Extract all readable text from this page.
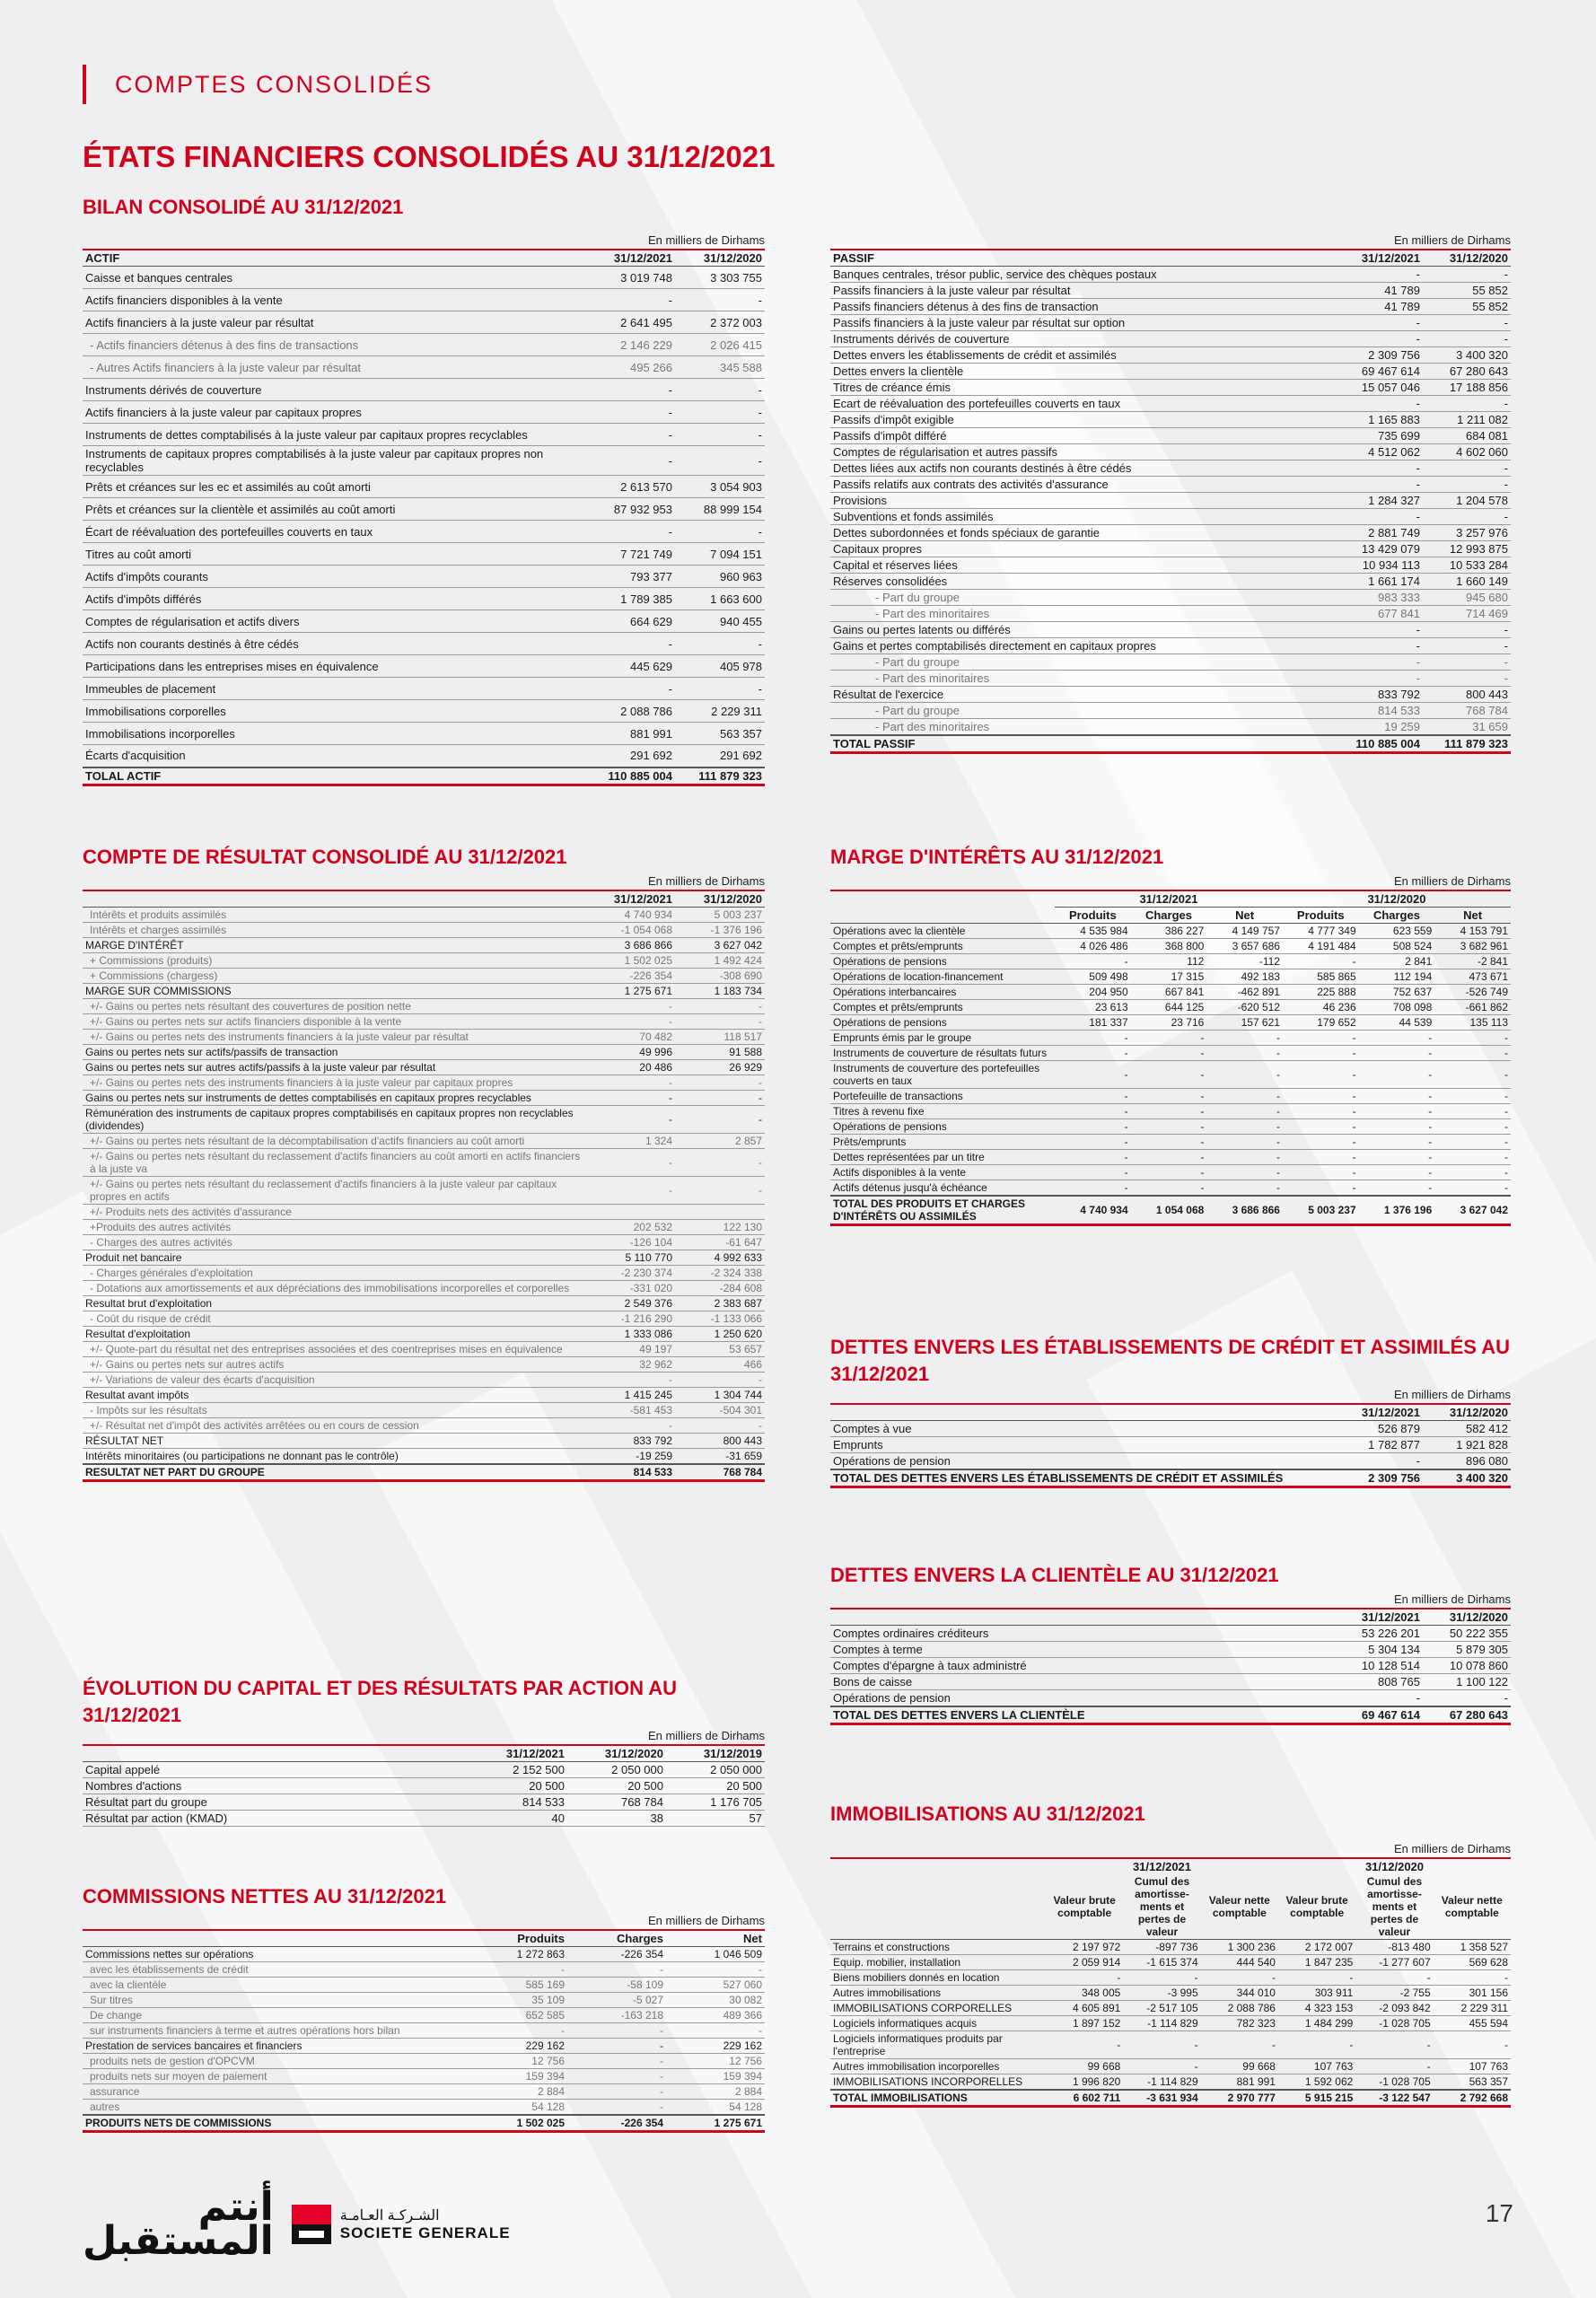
COMPTES CONSOLIDÉS
ÉTATS FINANCIERS CONSOLIDÉS AU 31/12/2021
BILAN CONSOLIDÉ AU 31/12/2021
En milliers de Dirhams
ACTIF	31/12/2021	31/12/2020
Caisse et banques centrales	3 019 748	3 303 755
Actifs financiers disponibles à la vente	-	-
Actifs financiers à la juste valeur par résultat	2 641 495	2 372 003
- Actifs financiers détenus à des fins de transactions	2 146 229	2 026 415
- Autres Actifs financiers à la juste valeur par résultat	495 266	345 588
Instruments dérivés de couverture	-	-
Actifs financiers à la juste valeur par capitaux propres	-	-
Instruments de dettes comptabilisés à la juste valeur par capitaux propres recyclables	-	-
Instruments de capitaux propres comptabilisés à la juste valeur par capitaux propres non recyclables	-	-
Prêts et créances sur les ec et assimilés au coût amorti	2 613 570	3 054 903
Prêts et créances sur la clientèle et assimilés au coût amorti	87 932 953	88 999 154
Écart de réévaluation des portefeuilles couverts en taux	-	-
Titres au coût amorti	7 721 749	7 094 151
Actifs d'impôts courants	793 377	960 963
Actifs d'impôts différés	1 789 385	1 663 600
Comptes de régularisation et actifs divers	664 629	940 455
Actifs non courants destinés à être cédés	-	-
Participations dans les entreprises mises en équivalence	445 629	405 978
Immeubles de placement	-	-
Immobilisations corporelles	2 088 786	2 229 311
Immobilisations incorporelles	881 991	563 357
Écarts d'acquisition	291 692	291 692
TOLAL ACTIF	110 885 004	111 879 323
En milliers de Dirhams
PASSIF	31/12/2021	31/12/2020
Banques centrales, trésor public, service des chèques postaux	-	-
Passifs financiers à la juste valeur par résultat	41 789	55 852
Passifs financiers détenus à des fins de transaction	41 789	55 852
Passifs financiers à la juste valeur par résultat sur option	-	-
Instruments dérivés de couverture	-	-
Dettes envers les établissements de crédit et assimilés	2 309 756	3 400 320
Dettes envers la clientèle	69 467 614	67 280 643
Titres de créance émis	15 057 046	17 188 856
Ecart de réévaluation des portefeuilles couverts en taux	-	-
Passifs d'impôt exigible	1 165 883	1 211 082
Passifs d'impôt différé	735 699	684 081
Comptes de régularisation et autres passifs	4 512 062	4 602 060
Dettes liées aux actifs non courants destinés à être cédés	-	-
Passifs relatifs aux contrats des activités d'assurance	-	-
Provisions	1 284 327	1 204 578
Subventions et fonds assimilés	-	-
Dettes subordonnées et fonds spéciaux de garantie	2 881 749	3 257 976
Capitaux propres	13 429 079	12 993 875
Capital et réserves liées	10 934 113	10 533 284
Réserves consolidées	1 661 174	1 660 149
- Part du groupe	983 333	945 680
- Part des minoritaires	677 841	714 469
Gains ou pertes latents ou différés	-	-
Gains et pertes comptabilisés directement en capitaux propres	-	-
- Part du groupe	-	-
- Part des minoritaires	-	-
Résultat de l'exercice	833 792	800 443
- Part du groupe	814 533	768 784
- Part des minoritaires	19 259	31 659
TOTAL PASSIF	110 885 004	111 879 323
COMPTE DE RÉSULTAT CONSOLIDÉ AU 31/12/2021
En milliers de Dirhams
	31/12/2021	31/12/2020
Intérêts et produits assimilés	4 740 934	5 003 237
Intérêts et charges assimilés	-1 054 068	-1 376 196
MARGE D'INTÉRÊT	3 686 866	3 627 042
+ Commissions (produits)	1 502 025	1 492 424
+ Commissions (chargess)	-226 354	-308 690
MARGE SUR COMMISSIONS	1 275 671	1 183 734
+/- Gains ou pertes nets résultant des couvertures de position nette	-	-
+/- Gains ou pertes nets sur actifs financiers disponible à la vente	-	-
+/- Gains ou pertes nets des instruments financiers à la juste valeur par résultat	70 482	118 517
Gains ou pertes nets sur actifs/passifs de transaction	49 996	91 588
Gains ou pertes nets sur autres actifs/passifs à la juste valeur par résultat	20 486	26 929
+/- Gains ou pertes nets des instruments financiers à la juste valeur par capitaux propres	-	-
Gains ou pertes nets sur instruments de dettes comptabilisés en capitaux propres recyclables	-	-
Rémunération des instruments de capitaux propres comptabilisés en capitaux propres non recyclables (dividendes)	-	-
+/- Gains ou pertes nets résultant de la décomptabilisation d'actifs financiers au coût amorti	1 324	2 857
+/- Gains ou pertes nets résultant du reclassement d'actifs financiers au coût amorti en actifs financiers à la juste va	-	-
+/- Gains ou pertes nets résultant du reclassement d'actifs financiers à la juste valeur par capitaux propres en actifs	-	-
+/- Produits nets des activités d'assurance		
+Produits des autres activités	202 532	122 130
- Charges des autres activités	-126 104	-61 647
Produit net bancaire	5 110 770	4 992 633
- Charges générales d'exploitation	-2 230 374	-2 324 338
- Dotations aux amortissements et aux dépréciations des immobilisations incorporelles et corporelles	-331 020	-284 608
Resultat brut d'exploitation	2 549 376	2 383 687
- Coût du risque de crédit	-1 216 290	-1 133 066
Resultat d'exploitation	1 333 086	1 250 620
+/- Quote-part du résultat net des entreprises associées et des coentreprises mises en équivalence	49 197	53 657
+/- Gains ou pertes nets sur autres actifs	32 962	466
+/- Variations de valeur des écarts d'acquisition	-	-
Resultat avant impôts	1 415 245	1 304 744
- Impôts sur les résultats	-581 453	-504 301
+/- Résultat net d'impôt des activités arrêtées ou en cours de cession	-	-
RÉSULTAT NET	833 792	800 443
Intérêts minoritaires (ou participations ne donnant pas le contrôle)	-19 259	-31 659
RESULTAT NET PART DU GROUPE	814 533	768 784
ÉVOLUTION DU CAPITAL ET DES RÉSULTATS PAR ACTION AU 31/12/2021
En milliers de Dirhams
	31/12/2021	31/12/2020	31/12/2019
Capital appelé	2 152 500	2 050 000	2 050 000
Nombres d'actions	20 500	20 500	20 500
Résultat part du groupe	814 533	768 784	1 176 705
Résultat par action (KMAD)	40	38	57
COMMISSIONS NETTES AU 31/12/2021
En milliers de Dirhams
	Produits	Charges	Net
Commissions nettes sur opérations	1 272 863	-226 354	1 046 509
avec les établissements de crédit	-	-	-
avec la clientèle	585 169	-58 109	527 060
Sur titres	35 109	-5 027	30 082
De change	652 585	-163 218	489 366
sur instruments financiers à terme et autres opérations hors bilan	-	-	-
Prestation de services bancaires et financiers	229 162	-	229 162
produits nets de gestion d'OPCVM	12 756	-	12 756
produits nets sur moyen de paiement	159 394	-	159 394
assurance	2 884	-	2 884
autres	54 128	-	54 128
PRODUITS NETS DE COMMISSIONS	1 502 025	-226 354	1 275 671
MARGE D'INTÉRÊTS AU 31/12/2021
En milliers de Dirhams
	31/12/2021			31/12/2020		
	Produits	Charges	Net	Produits	Charges	Net
Opérations avec la clientèle	4 535 984	386 227	4 149 757	4 777 349	623 559	4 153 791
Comptes et prêts/emprunts	4 026 486	368 800	3 657 686	4 191 484	508 524	3 682 961
Opérations de pensions	-	112	-112	-	2 841	-2 841
Opérations de location-financement	509 498	17 315	492 183	585 865	112 194	473 671
Opérations interbancaires	204 950	667 841	-462 891	225 888	752 637	-526 749
Comptes et prêts/emprunts	23 613	644 125	-620 512	46 236	708 098	-661 862
Opérations de pensions	181 337	23 716	157 621	179 652	44 539	135 113
Emprunts émis par le groupe	-	-	-	-	-	-
Instruments de couverture de résultats futurs	-	-	-	-	-	-
Instruments de couverture des portefeuilles couverts en taux	-	-	-	-	-	-
Portefeuille de transactions	-	-	-	-	-	-
Titres à revenu fixe	-	-	-	-	-	-
Opérations de pensions	-	-	-	-	-	-
Prêts/emprunts	-	-	-	-	-	-
Dettes représentées par un titre	-	-	-	-	-	-
Actifs disponibles à la vente	-	-	-	-	-	-
Actifs détenus jusqu'à échéance	-	-	-	-	-	-
TOTAL DES PRODUITS ET CHARGES D'INTÉRÊTS OU ASSIMILÉS	4 740 934	1 054 068	3 686 866	5 003 237	1 376 196	3 627 042
DETTES ENVERS LES ÉTABLISSEMENTS DE CRÉDIT ET ASSIMILÉS AU 31/12/2021
En milliers de Dirhams
	31/12/2021	31/12/2020
Comptes à vue	526 879	582 412
Emprunts	1 782 877	1 921 828
Opérations de pension	-	896 080
TOTAL DES DETTES ENVERS LES ÉTABLISSEMENTS DE CRÉDIT ET ASSIMILÉS	2 309 756	3 400 320
DETTES ENVERS LA CLIENTÈLE AU 31/12/2021
En milliers de Dirhams
	31/12/2021	31/12/2020
Comptes ordinaires créditeurs	53 226 201	50 222 355
Comptes à terme	5 304 134	5 879 305
Comptes d'épargne à taux administré	10 128 514	10 078 860
Bons de caisse	808 765	1 100 122
Opérations de pension	-	-
TOTAL DES DETTES ENVERS LA CLIENTÈLE	69 467 614	67 280 643
IMMOBILISATIONS AU 31/12/2021
En milliers de Dirhams
	31/12/2021			31/12/2020		
	Valeur brute comptable	Cumul des amortisse-ments et pertes de valeur	Valeur nette comptable	Valeur brute comptable	Cumul des amortisse-ments et pertes de valeur	Valeur nette comptable
Terrains et constructions	2 197 972	-897 736	1 300 236	2 172 007	-813 480	1 358 527
Equip. mobilier, installation	2 059 914	-1 615 374	444 540	1 847 235	-1 277 607	569 628
Biens mobiliers donnés en location	-	-	-	-	-	-
Autres immobilisations	348 005	-3 995	344 010	303 911	-2 755	301 156
IMMOBILISATIONS CORPORELLES	4 605 891	-2 517 105	2 088 786	4 323 153	-2 093 842	2 229 311
Logiciels informatiques acquis	1 897 152	-1 114 829	782 323	1 484 299	-1 028 705	455 594
Logiciels informatiques produits par l'entreprise	-	-	-	-	-	-
Autres immobilisation incorporelles	99 668	-	99 668	107 763	-	107 763
IMMOBILISATIONS INCORPORELLES	1 996 820	-1 114 829	881 991	1 592 062	-1 028 705	563 357
TOTAL IMMOBILISATIONS	6 602 711	-3 631 934	2 970 777	5 915 215	-3 122 547	2 792 668
أنتم
المستقبل
الشـركـة العـامـة
SOCIETE GENERALE
17
